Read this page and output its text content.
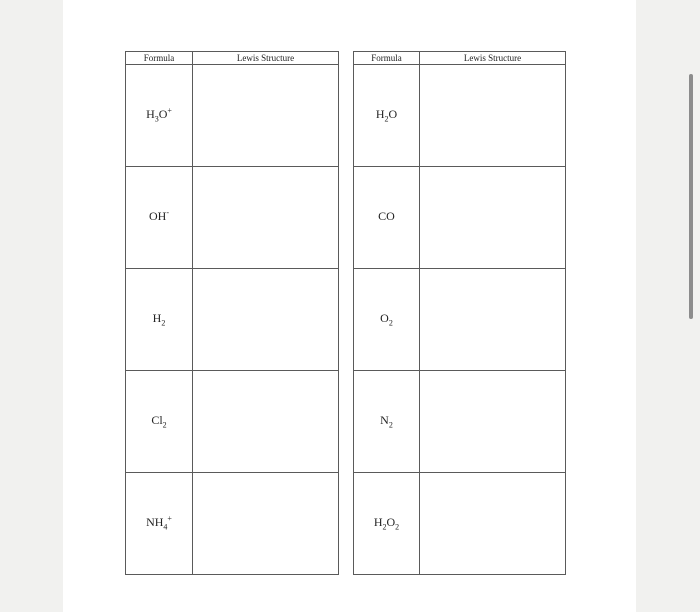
Formula	Lewis Structure
$H_3O^+$	
OH-	
$H_2$	
$Cl_2$	
$NH_4^+$	
Formula	Lewis Structure
$H_2O$	
CO	
$O_2$	
$N_2$	
$H_2O_2$	
